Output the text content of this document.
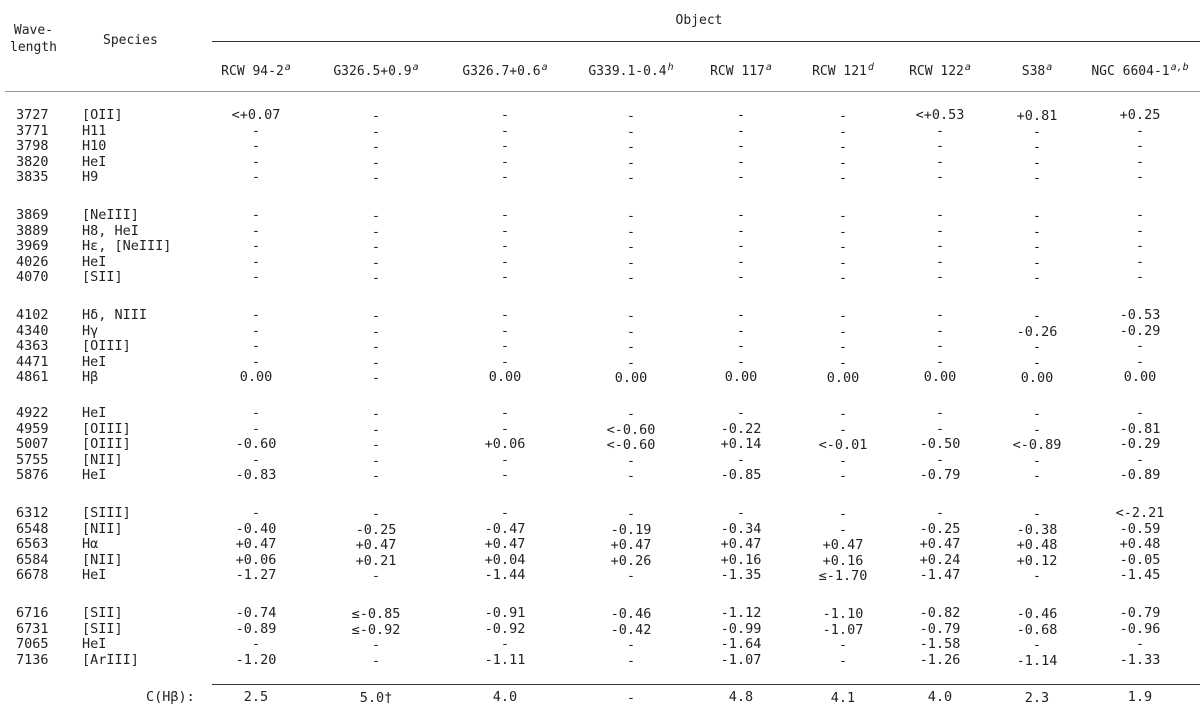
Wave-
length	Species
Object
RCW 94-2$^a$	G326.5+0.9$^a$	G326.7+0.6$^a$	G339.1-0.4$^h$	RCW 117$^a$	RCW 121$^d$	RCW 122$^a$	S38$^a$	NGC 6604-1$^{a,b}$
3727 [OII]	<+0.07	-	-	-	-	-	<+0.53	+0.81	+0.25
3771 H11	-	-	-	-	-	-	-	-	-
3798 H10	-	-	-	-	-	-	-	-	-
3820 HeI	-	-	-	-	-	-	-	-	-
3835 H9	-	-	-	-	-	-	-	-	-
3869 [NeIII]	-	-	-	-	-	-	-	-	-
3889 H8, HeI	-	-	-	-	-	-	-	-	-
3969 Hε, [NeIII]	-	-	-	-	-	-	-	-	-
4026 HeI	-	-	-	-	-	-	-	-	-
4070 [SII]	-	-	-	-	-	-	-	-	-
4102 Hδ, NIII	-	-	-	-	-	-	-	-	-0.53
4340 Hγ	-	-	-	-	-	-	-	-0.26	-0.29
4363 [OIII]	-	-	-	-	-	-	-	-	-
4471 HeI	-	-	-	-	-	-	-	-	-
4861 Hβ	0.00	-	0.00	0.00	0.00	0.00	0.00	0.00	0.00
4922 HeI	-	-	-	-	-	-	-	-	-
4959 [OIII]	-	-	-	<-0.60	-0.22	-	-	-	-0.81
5007 [OIII]	-0.60	-	+0.06	<-0.60	+0.14	<-0.01	-0.50	<-0.89	-0.29
5755 [NII]	-	-	-	-	-	-	-	-	-
5876 HeI	-0.83	-	-	-	-0.85	-	-0.79	-	-0.89
6312 [SIII]	-	-	-	-	-	-	-	-	<-2.21
6548 [NII]	-0.40	-0.25	-0.47	-0.19	-0.34	-	-0.25	-0.38	-0.59
6563 Hα	+0.47	+0.47	+0.47	+0.47	+0.47	+0.47	+0.47	+0.48	+0.48
6584 [NII]	+0.06	+0.21	+0.04	+0.26	+0.16	+0.16	+0.24	+0.12	-0.05
6678 HeI	-1.27	-	-1.44	-	-1.35	≤-1.70	-1.47	-	-1.45
6716 [SII]	-0.74	≤-0.85	-0.91	-0.46	-1.12	-1.10	-0.82	-0.46	-0.79
6731 [SII]	-0.89	≤-0.92	-0.92	-0.42	-0.99	-1.07	-0.79	-0.68	-0.96
7065 HeI	-	-	-	-	-1.64	-	-1.58	-	-
7136 [ArIII]	-1.20	-	-1.11	-	-1.07	-	-1.26	-1.14	-1.33
C(Hβ):	2.5	5.0†	4.0	-	4.8	4.1	4.0	2.3	1.9
